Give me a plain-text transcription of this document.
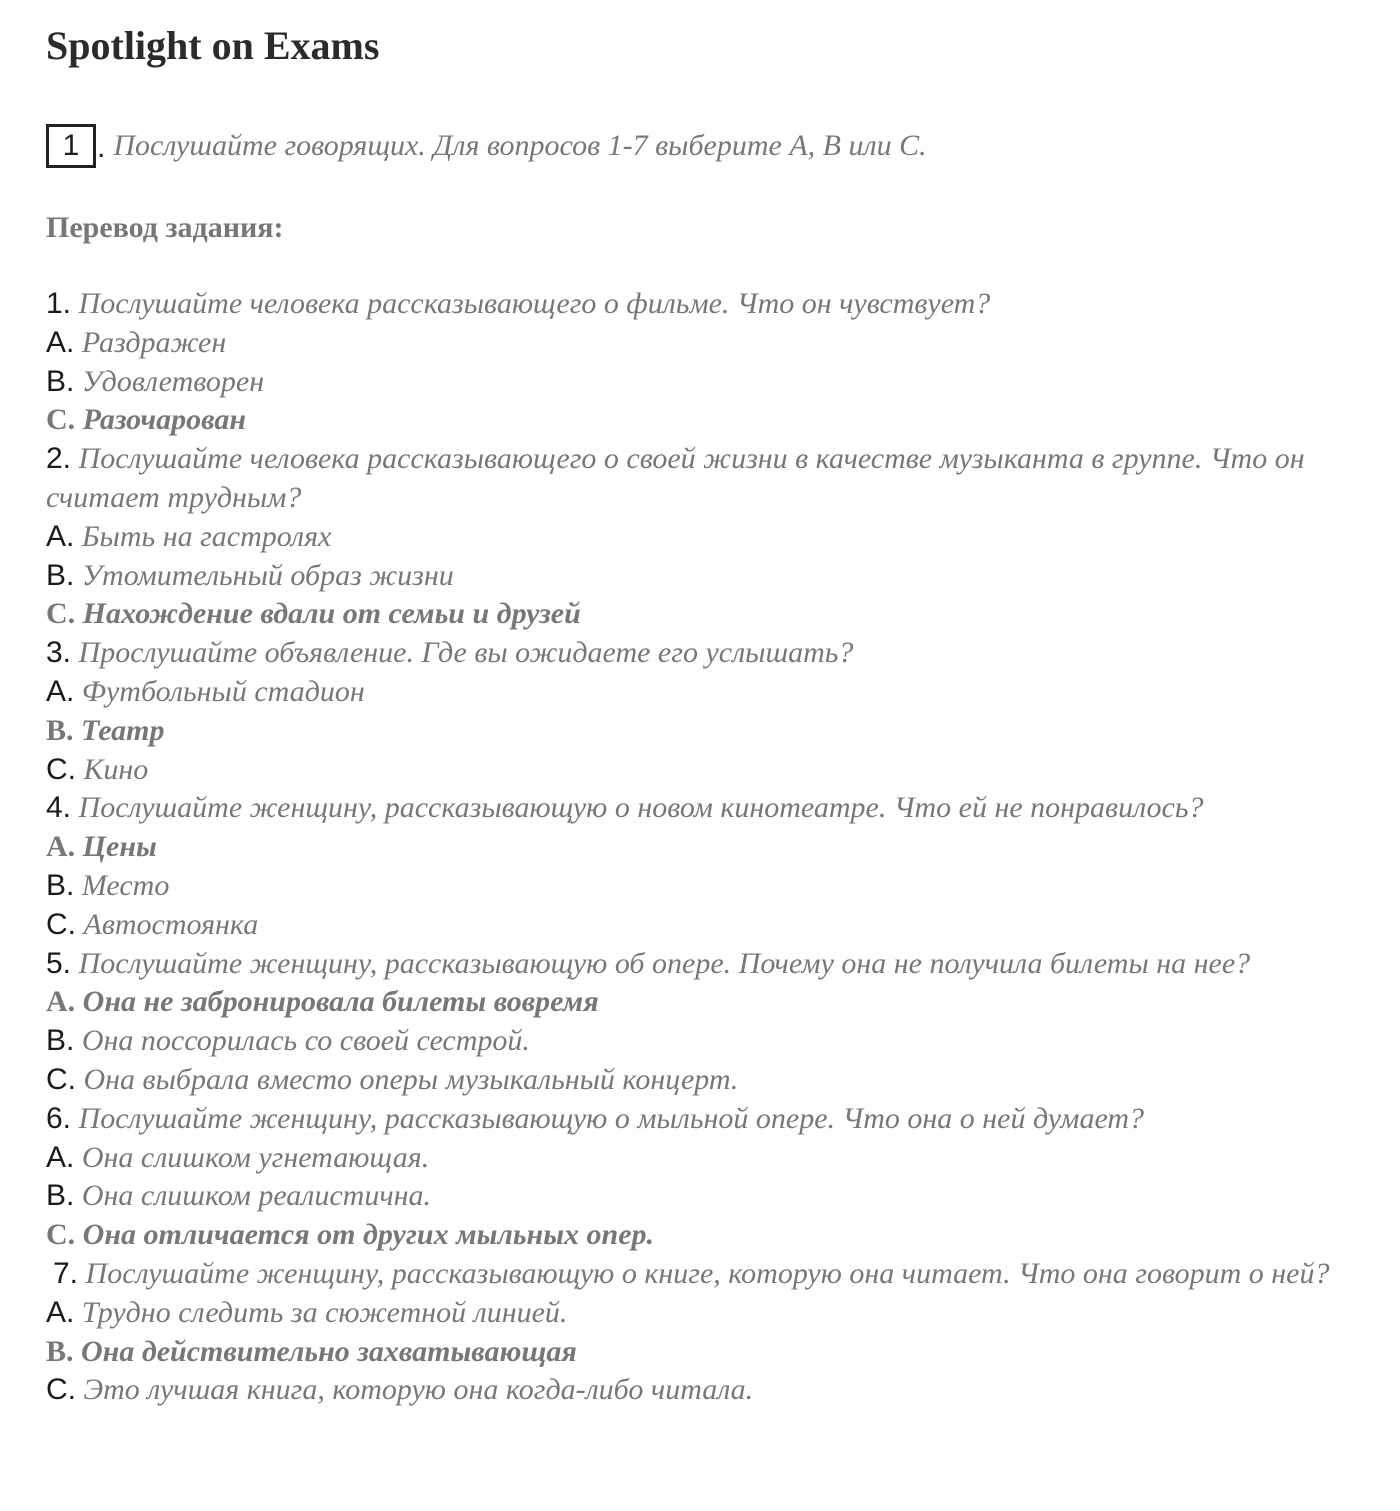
Spotlight on Exams
1 . Послушайте говорящих. Для вопросов 1-7 выберите A, B или C.
Перевод задания:
1. Послушайте человека рассказывающего о фильме. Что он чувствует?
A. Раздражен
B. Удовлетворен
C. Разочарован
2. Послушайте человека рассказывающего о своей жизни в качестве музыканта в группе. Что он считает трудным?
A. Быть на гастролях
B. Утомительный образ жизни
C. Нахождение вдали от семьи и друзей
3. Прослушайте объявление. Где вы ожидаете его услышать?
A. Футбольный стадион
B. Театр
C. Кино
4. Послушайте женщину, рассказывающую о новом кинотеатре. Что ей не понравилось?
A. Цены
B. Место
C. Автостоянка
5. Послушайте женщину, рассказывающую об опере. Почему она не получила билеты на нее?
A. Она не забронировала билеты вовремя
B. Она поссорилась со своей сестрой.
C. Она выбрала вместо оперы музыкальный концерт.
6. Послушайте женщину, рассказывающую о мыльной опере. Что она о ней думает?
A. Она слишком угнетающая.
B. Она слишком реалистична.
C. Она отличается от других мыльных опер.
7. Послушайте женщину, рассказывающую о книге, которую она читает. Что она говорит о ней?
A. Трудно следить за сюжетной линией.
B. Она действительно захватывающая
C. Это лучшая книга, которую она когда-либо читала.
